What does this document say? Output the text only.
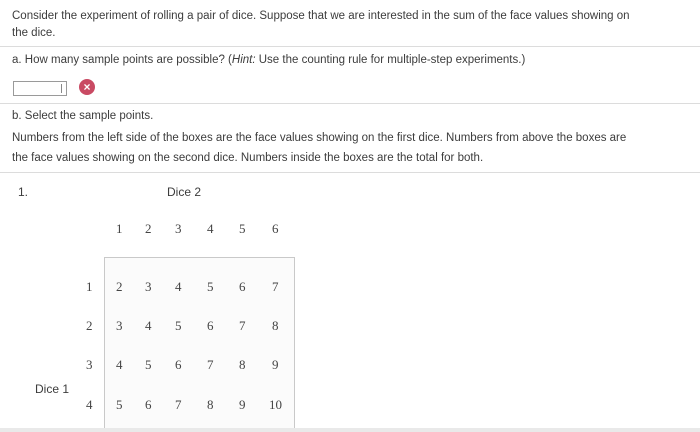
Consider the experiment of rolling a pair of dice. Suppose that we are interested in the sum of the face values showing on
the dice.
a. How many sample points are possible? (Hint: Use the counting rule for multiple-step experiments.)
×
b. Select the sample points.
Numbers from the left side of the boxes are the face values showing on the first dice. Numbers from above the boxes are
the face values showing on the second dice. Numbers inside the boxes are the total for both.
1.	Dice 2
1 2 3 4 5 6
1
2
3
4
Dice 1
2 3 4 5 6 7
3 4 5 6 7 8
4 5 6 7 8 9
5 6 7 8 9 10
